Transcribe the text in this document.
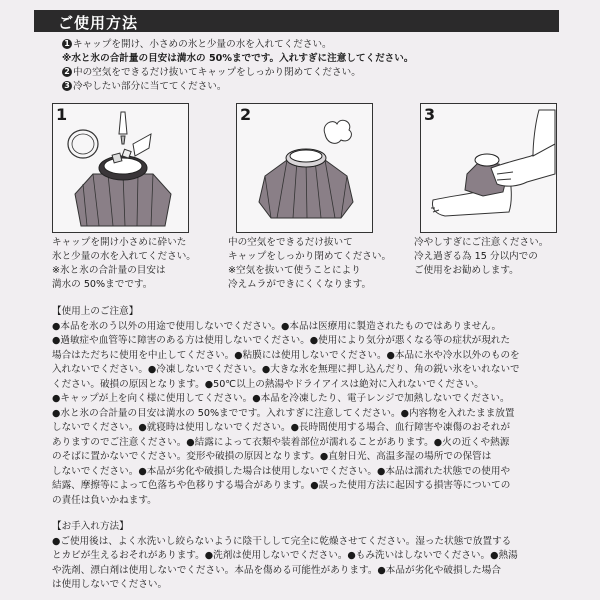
ご使用方法
1 キャップを開け、小さめの氷と少量の水を入れてください。
※水と氷の合計量の目安は満水の 50%までです。入れすぎに注意してください。
2 中の空気をできるだけ抜いてキャップをしっかり閉めてください。
3 冷やしたい部分に当ててください。
1	2	3
キャップを開け小さめに砕いた
氷と少量の水を入れてください。
※氷と氷の合計量の目安は
満水の 50%までです。
中の空気をできるだけ抜いて
キャップをしっかり閉めてください。
※空気を抜いて使うことにより
冷えムラができにくくなります。
冷やしすぎにご注意ください。
冷え過ぎる為 15 分以内での
ご使用をお勧めします。
【使用上のご注意】
●本品を氷のう以外の用途で使用しないでください。●本品は医療用に製造されたものではありません。
●過敏症や血管等に障害のある方は使用しないでください。●使用により気分が悪くなる等の症状が現れた
場合はただちに使用を中止してください。●粘膜には使用しないでください。●本品に氷や冷水以外のものを
入れないでください。●冷凍しないでください。●大きな氷を無理に押し込んだり、角の鋭い氷をいれないで
ください。破損の原因となります。●50℃以上の熱湯やドライアイスは絶対に入れないでください。
●キャップが上を向く様に使用してください。●本品を冷凍したり、電子レンジで加熱しないでください。
●水と氷の合計量の目安は満水の 50%までです。入れすぎに注意してください。●内容物を入れたまま放置
しないでください。●就寝時は使用しないでください。●長時間使用する場合、血行障害や凍傷のおそれが
ありますのでご注意ください。●結露によって衣類や装着部位が濡れることがあります。●火の近くや熱源
のそばに置かないでください。変形や破損の原因となります。●直射日光、高温多湿の場所での保管は
しないでください。●本品が劣化や破損した場合は使用しないでください。●本品は濡れた状態での使用や
結露、摩擦等によって色落ちや色移りする場合があります。●誤った使用方法に起因する損害等についての
の責任は負いかねます。
【お手入れ方法】
●ご使用後は、よく水洗いし絞らないように陰干しして完全に乾燥させてください。湿った状態で放置する
とカビが生えるおそれがあります。●洗剤は使用しないでください。●もみ洗いはしないでください。●熱湯
や洗剤、漂白剤は使用しないでください。本品を傷める可能性があります。●本品が劣化や破損した場合
は使用しないでください。
